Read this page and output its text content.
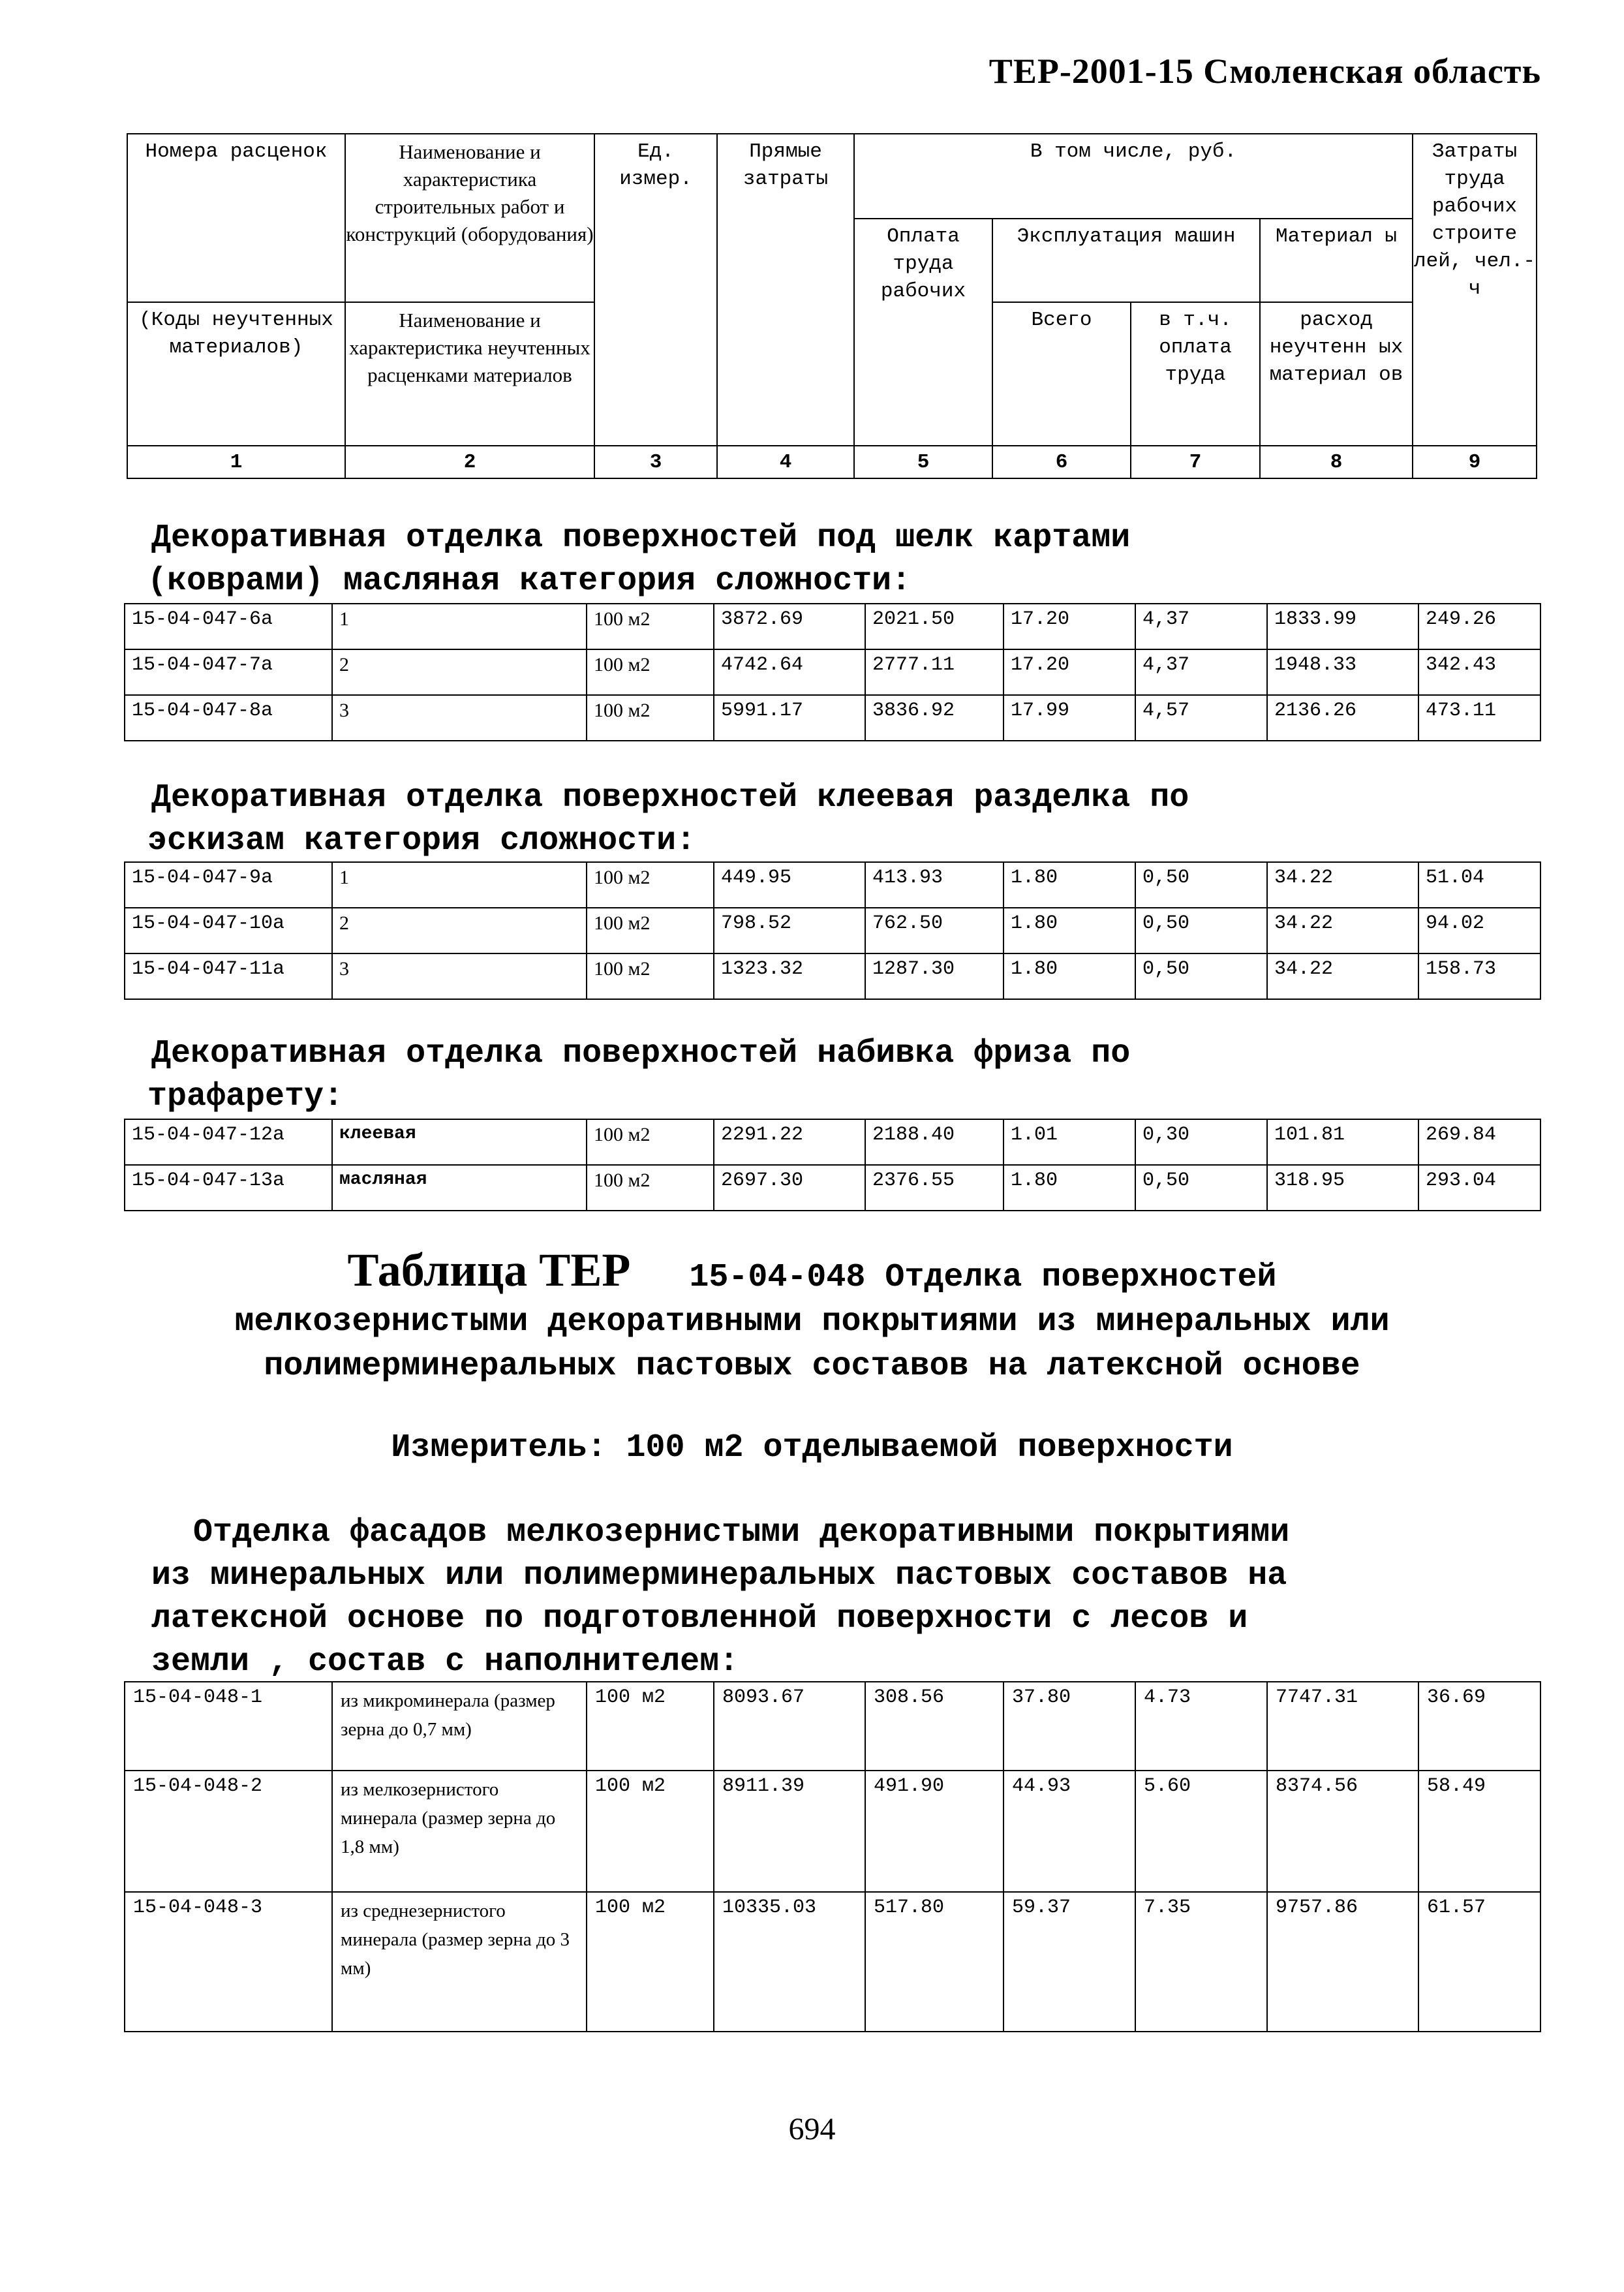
ТЕР-2001-15 Смоленская область
Номера расценок	Наименование и характеристика строительных работ и конструкций (оборудования)	Ед. измер.	Прямые затраты	В том числе, руб.				Затраты труда рабочих строите лей, чел.-ч
				Оплата труда рабочих	Эксплуатация машин		Материал ы	
(Коды неучтенных материалов)	Наименование и характеристика неучтенных расценками материалов				Всего	в т.ч. оплата труда	расход неучтенн ых материал ов	

1	2	3	4	5	6	7	8	9
Декоративная отделка поверхностей под шелк картами
(коврами) масляная категория сложности:
15-04-047-6а	1	100 м2	3872.69	2021.50	17.20	4,37	1833.99	249.26
15-04-047-7а	2	100 м2	4742.64	2777.11	17.20	4,37	1948.33	342.43
15-04-047-8а	3	100 м2	5991.17	3836.92	17.99	4,57	2136.26	473.11
Декоративная отделка поверхностей клеевая разделка по
эскизам категория сложности:
15-04-047-9а	1	100 м2	449.95	413.93	1.80	0,50	34.22	51.04
15-04-047-10а	2	100 м2	798.52	762.50	1.80	0,50	34.22	94.02
15-04-047-11а	3	100 м2	1323.32	1287.30	1.80	0,50	34.22	158.73
Декоративная отделка поверхностей набивка фриза по
трафарету:
15-04-047-12а	клеевая	100 м2	2291.22	2188.40	1.01	0,30	101.81	269.84
15-04-047-13а	масляная	100 м2	2697.30	2376.55	1.80	0,50	318.95	293.04
Таблица ТЕР 15-04-048 Отделка поверхностей
мелкозернистыми декоративными покрытиями из минеральных или
полимерминеральных пастовых составов на латексной основе
Измеритель: 100 м2 отделываемой поверхности
Отделка фасадов мелкозернистыми декоративными покрытиями
из минеральных или полимерминеральных пастовых составов на
латексной основе по подготовленной поверхности с лесов и
земли , состав с наполнителем:
15-04-048-1	из микроминерала (размер зерна до 0,7 мм)	100 м2	8093.67	308.56	37.80	4.73	7747.31	36.69
15-04-048-2	из мелкозернистого минерала (размер зерна до 1,8 мм)	100 м2	8911.39	491.90	44.93	5.60	8374.56	58.49
15-04-048-3	из среднезернистого минерала (размер зерна до 3 мм)	100 м2	10335.03	517.80	59.37	7.35	9757.86	61.57
694
